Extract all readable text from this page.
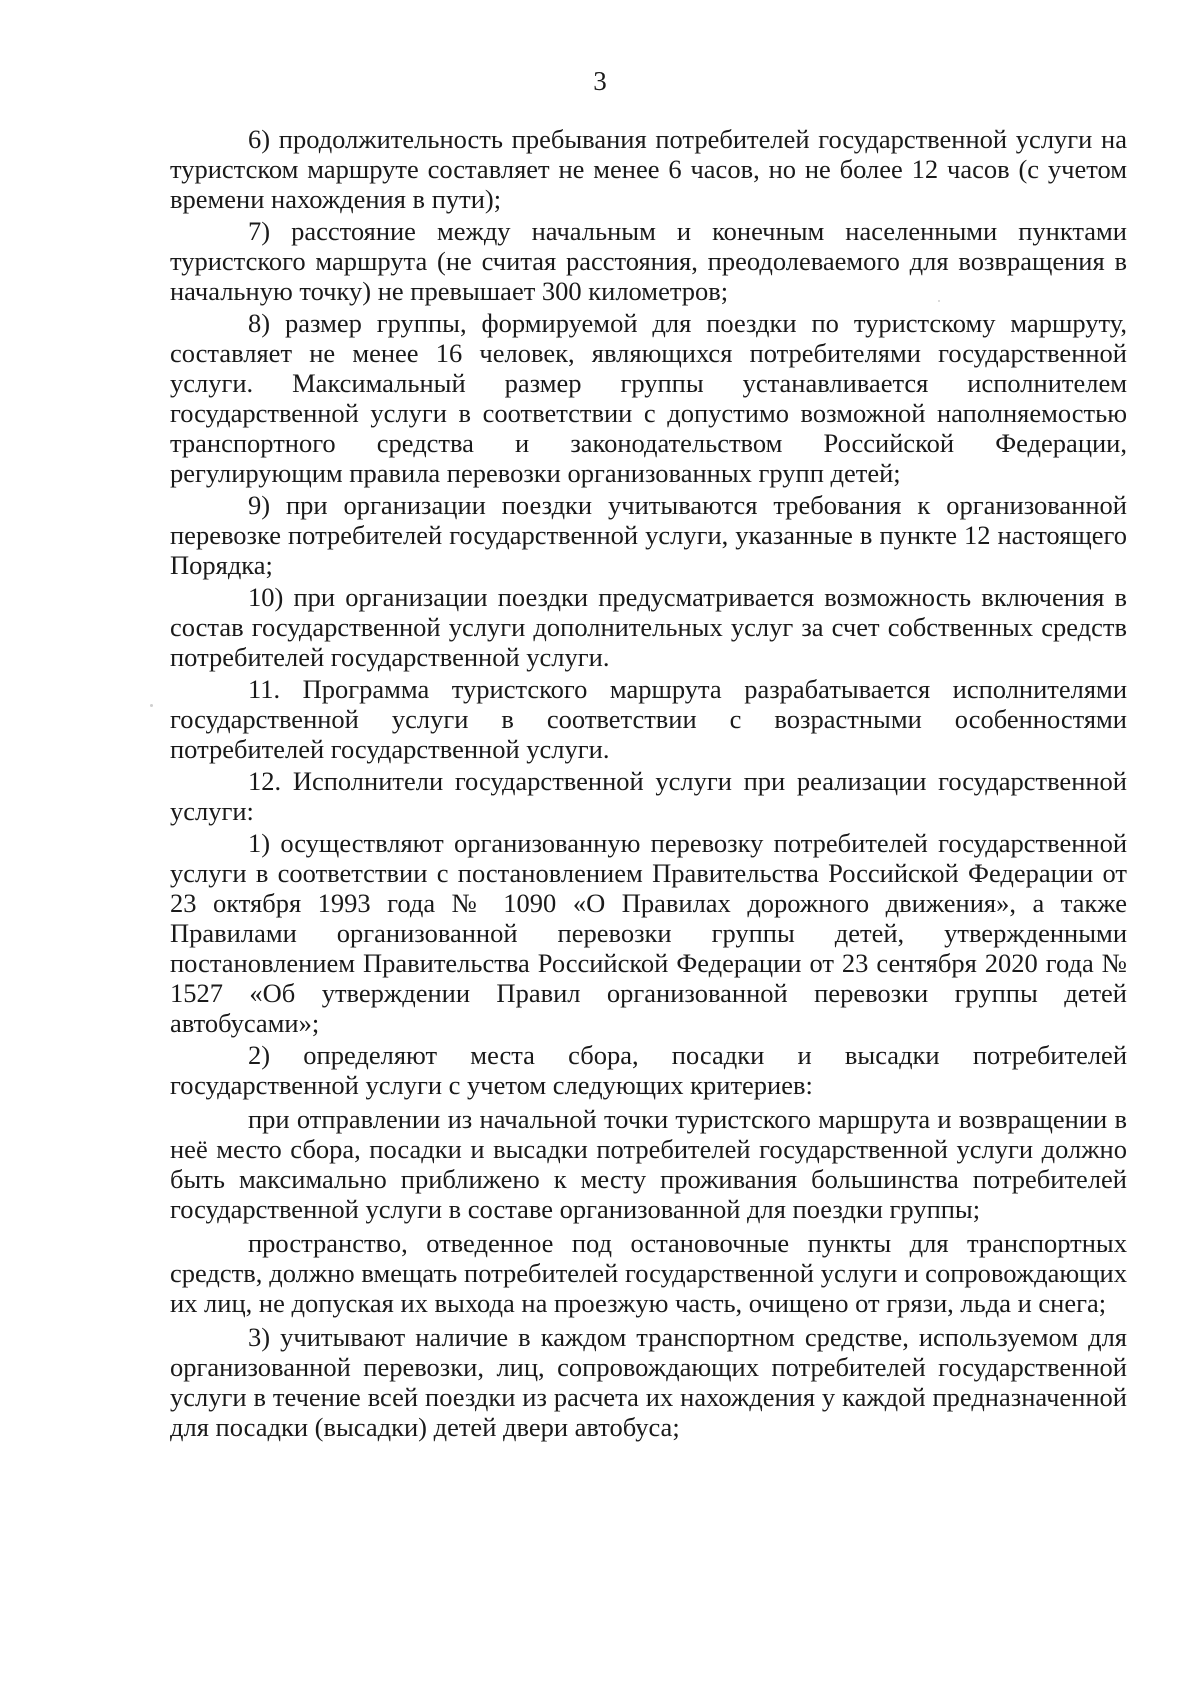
3

6) продолжительность пребывания потребителей государственной услуги на туристском маршруте составляет не менее 6 часов, но не более 12 часов (с учетом времени нахождения в пути);

7) расстояние между начальным и конечным населенными пунктами туристского маршрута (не считая расстояния, преодолеваемого для возвращения в начальную точку) не превышает 300 километров;

8) размер группы, формируемой для поездки по туристскому маршруту, составляет не менее 16 человек, являющихся потребителями государственной услуги. Максимальный размер группы устанавливается исполнителем государственной услуги в соответствии с допустимо возможной наполняемостью транспортного средства и законодательством Российской Федерации, регулирующим правила перевозки организованных групп детей;

9) при организации поездки учитываются требования к организованной перевозке потребителей государственной услуги, указанные в пункте 12 настоящего Порядка;

10) при организации поездки предусматривается возможность включения в состав государственной услуги дополнительных услуг за счет собственных средств потребителей государственной услуги.

11. Программа туристского маршрута разрабатывается исполнителями государственной услуги в соответствии с возрастными особенностями потребителей государственной услуги.

12. Исполнители государственной услуги при реализации государственной услуги:

1) осуществляют организованную перевозку потребителей государственной услуги в соответствии с постановлением Правительства Российской Федерации от 23 октября 1993 года № 1090 «О Правилах дорожного движения», а также Правилами организованной перевозки группы детей, утвержденными постановлением Правительства Российской Федерации от 23 сентября 2020 года № 1527 «Об утверждении Правил организованной перевозки группы детей автобусами»;

2) определяют места сбора, посадки и высадки потребителей государственной услуги с учетом следующих критериев:

при отправлении из начальной точки туристского маршрута и возвращении в неё место сбора, посадки и высадки потребителей государственной услуги должно быть максимально приближено к месту проживания большинства потребителей государственной услуги в составе организованной для поездки группы;

пространство, отведенное под остановочные пункты для транспортных средств, должно вмещать потребителей государственной услуги и сопровождающих их лиц, не допуская их выхода на проезжую часть, очищено от грязи, льда и снега;

3) учитывают наличие в каждом транспортном средстве, используемом для организованной перевозки, лиц, сопровождающих потребителей государственной услуги в течение всей поездки из расчета их нахождения у каждой предназначенной для посадки (высадки) детей двери автобуса;
